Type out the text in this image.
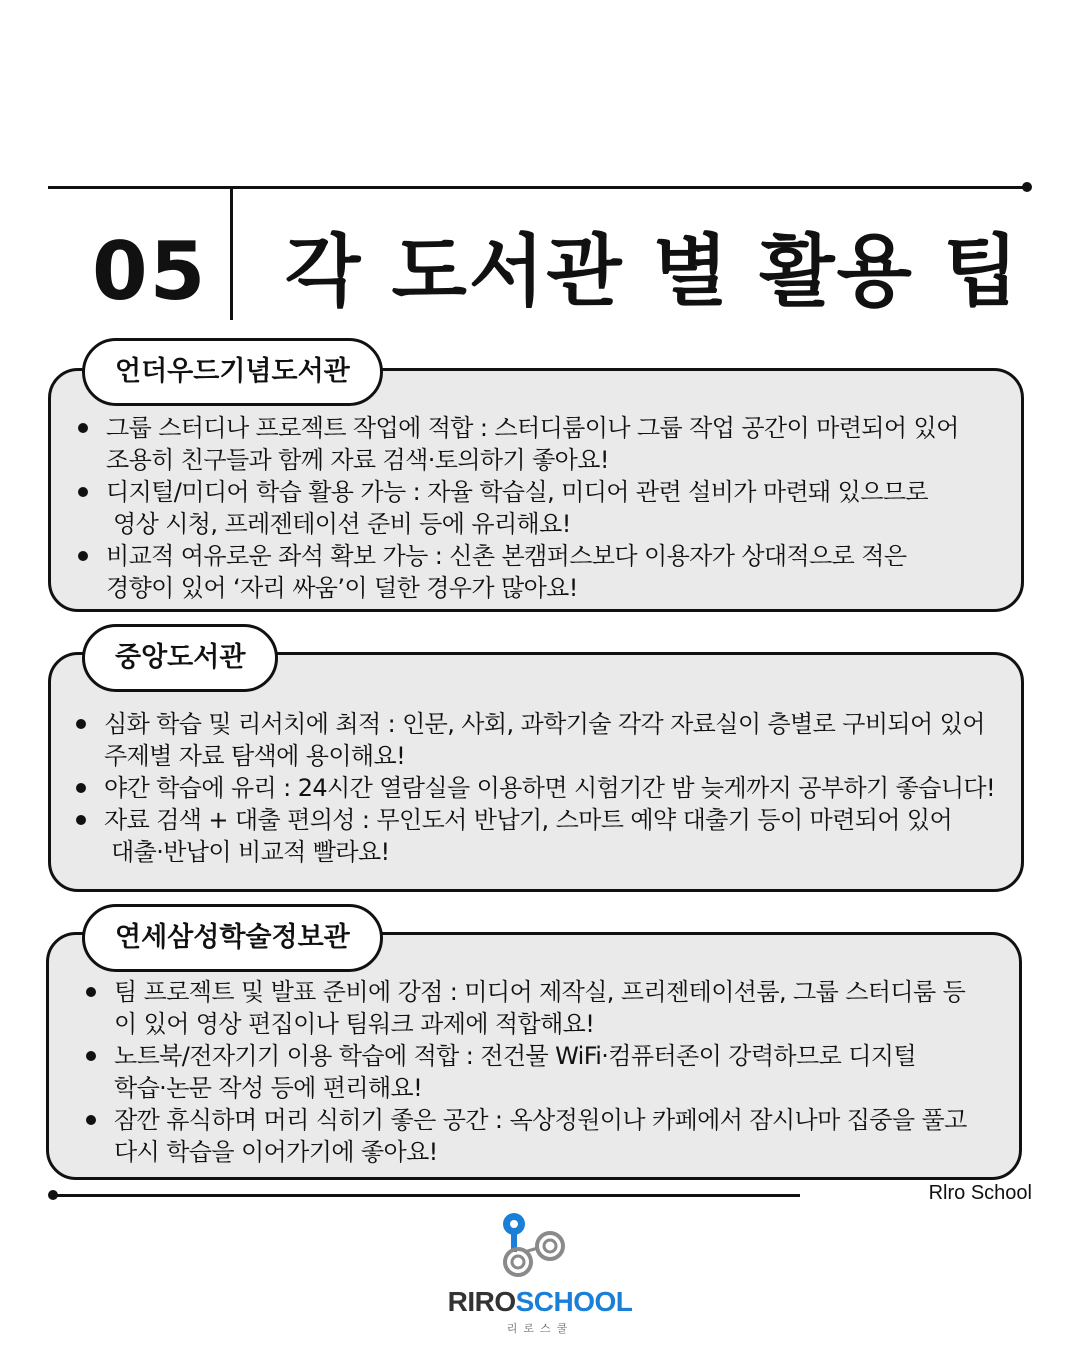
05 각 도서관 별 활용 팁
언더우드기념도서관
그룹 스터디나 프로젝트 작업에 적합 : 스터디룸이나 그룹 작업 공간이 마련되어 있어
조용히 친구들과 함께 자료 검색·토의하기 좋아요!
디지털/미디어 학습 활용 가능 : 자율 학습실, 미디어 관련 설비가 마련돼 있으므로
영상 시청, 프레젠테이션 준비 등에 유리해요!
비교적 여유로운 좌석 확보 가능 : 신촌 본캠퍼스보다 이용자가 상대적으로 적은
경향이 있어 ‘자리 싸움’이 덜한 경우가 많아요!
중앙도서관
심화 학습 및 리서치에 최적 : 인문, 사회, 과학기술 각각 자료실이 층별로 구비되어 있어
주제별 자료 탐색에 용이해요!
야간 학습에 유리 : 24시간 열람실을 이용하면 시험기간 밤 늦게까지 공부하기 좋습니다!
자료 검색 + 대출 편의성 : 무인도서 반납기, 스마트 예약 대출기 등이 마련되어 있어
대출·반납이 비교적 빨라요!
연세삼성학술정보관
팀 프로젝트 및 발표 준비에 강점 : 미디어 제작실, 프리젠테이션룸, 그룹 스터디룸 등
이 있어 영상 편집이나 팀워크 과제에 적합해요!
노트북/전자기기 이용 학습에 적합 : 전건물 WiFi·컴퓨터존이 강력하므로 디지털
학습·논문 작성 등에 편리해요!
잠깐 휴식하며 머리 식히기 좋은 공간 : 옥상정원이나 카페에서 잠시나마 집중을 풀고
다시 학습을 이어가기에 좋아요!
Rlro School
RIROSCHOOL
리로스쿨
